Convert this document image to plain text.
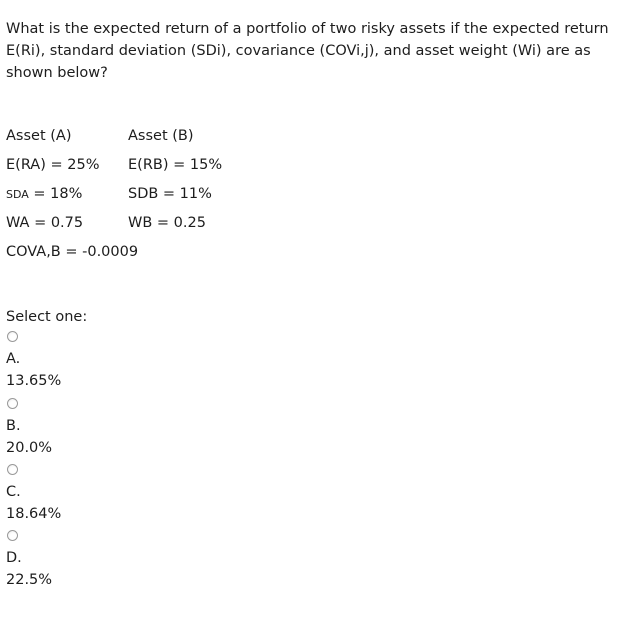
What is the expected return of a portfolio of two risky assets if the expected return E(Ri), standard deviation (SDi), covariance (COVi,j), and asset weight (Wi) are as shown below?
Asset (A)	Asset (B)
E(RA) = 25% E(RB) = 15%
SDA = 18%	SDB = 11%
WA = 0.75	WB = 0.25
COVA,B = -0.0009
Select one:
A.
13.65%
B.
20.0%
C.
18.64%
D.
22.5%
